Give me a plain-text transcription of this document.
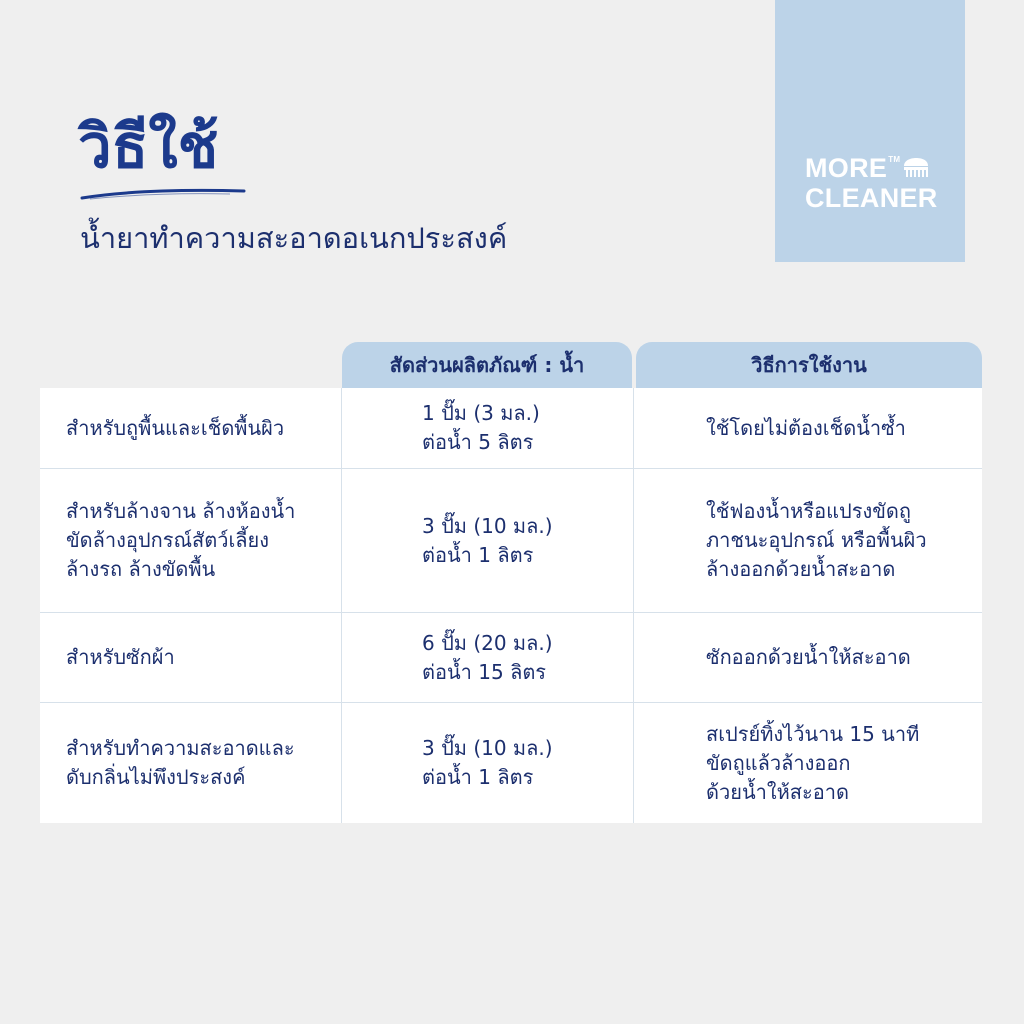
วิธีใช้
น้ำยาทำความสะอาดอเนกประสงค์
MORE TM
CLEANER
สัดส่วนผลิตภัณฑ์ : น้ำ	วิธีการใช้งาน
สำหรับถูพื้นและเช็ดพื้นผิว
1 ปั๊ม (3 มล.)
ต่อน้ำ 5 ลิตร
ใช้โดยไม่ต้องเช็ดน้ำซ้ำ
สำหรับล้างจาน ล้างห้องน้ำ
ขัดล้างอุปกรณ์สัตว์เลี้ยง
ล้างรถ ล้างขัดพื้น
3 ปั๊ม (10 มล.)
ต่อน้ำ 1 ลิตร
ใช้ฟองน้ำหรือแปรงขัดถู
ภาชนะอุปกรณ์ หรือพื้นผิว
ล้างออกด้วยน้ำสะอาด
สำหรับซักผ้า
6 ปั๊ม (20 มล.)
ต่อน้ำ 15 ลิตร
ซักออกด้วยน้ำให้สะอาด
สำหรับทำความสะอาดและ
ดับกลิ่นไม่พึงประสงค์
3 ปั๊ม (10 มล.)
ต่อน้ำ 1 ลิตร
สเปรย์ทิ้งไว้นาน 15 นาที
ขัดถูแล้วล้างออก
ด้วยน้ำให้สะอาด
